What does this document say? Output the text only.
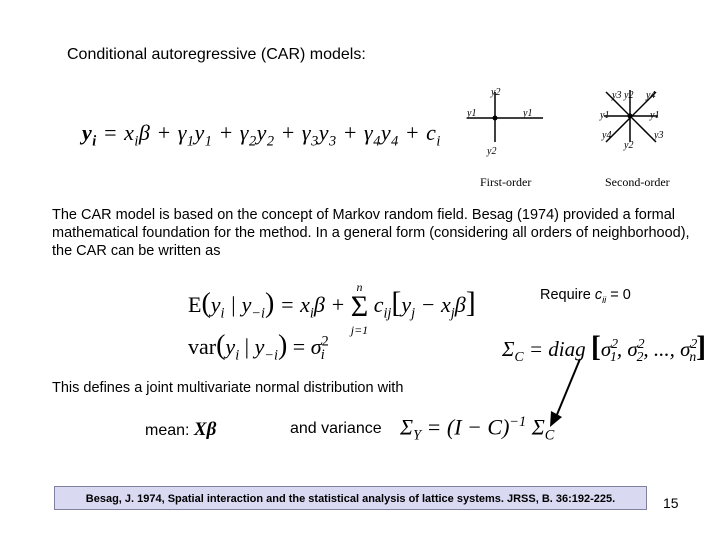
Conditional autoregressive (CAR) models:
$y_i = x_i\beta + \gamma_1y_1 + \gamma_2y_2 + \gamma_3y_3 + \gamma_4y_4 + c_i$
y2
y1	y1
y2
First-order
y3 y2 y4
y1	y1
y4
y2
y3
Second-order
The CAR model is based on the concept of Markov random field. Besag (1974) provided a formal mathematical foundation for the method. In a general form (considering all orders of neighborhood), the CAR can be written as
$E(y_i$ | $y_{-i}) = x_i\beta + n$
Σ
j=1 $c_{ij}[y_j - x_j\beta]$	Require $c_{ii} = 0$
$var(y_i$ | $y_{-i}) = \sigma^2_i$	$\Sigma_C$ = diag [$\sigma^2_1$, $\sigma^2_2$, ..., $\sigma^2_n$]
This defines a joint multivariate normal distribution with
mean: Xβ	and variance $\Sigma_Y = (I - C)^{-1}$ $\Sigma_C$
Besag, J. 1974, Spatial interaction and the statistical analysis of lattice systems. JRSS, B. 36:192-225.	15
